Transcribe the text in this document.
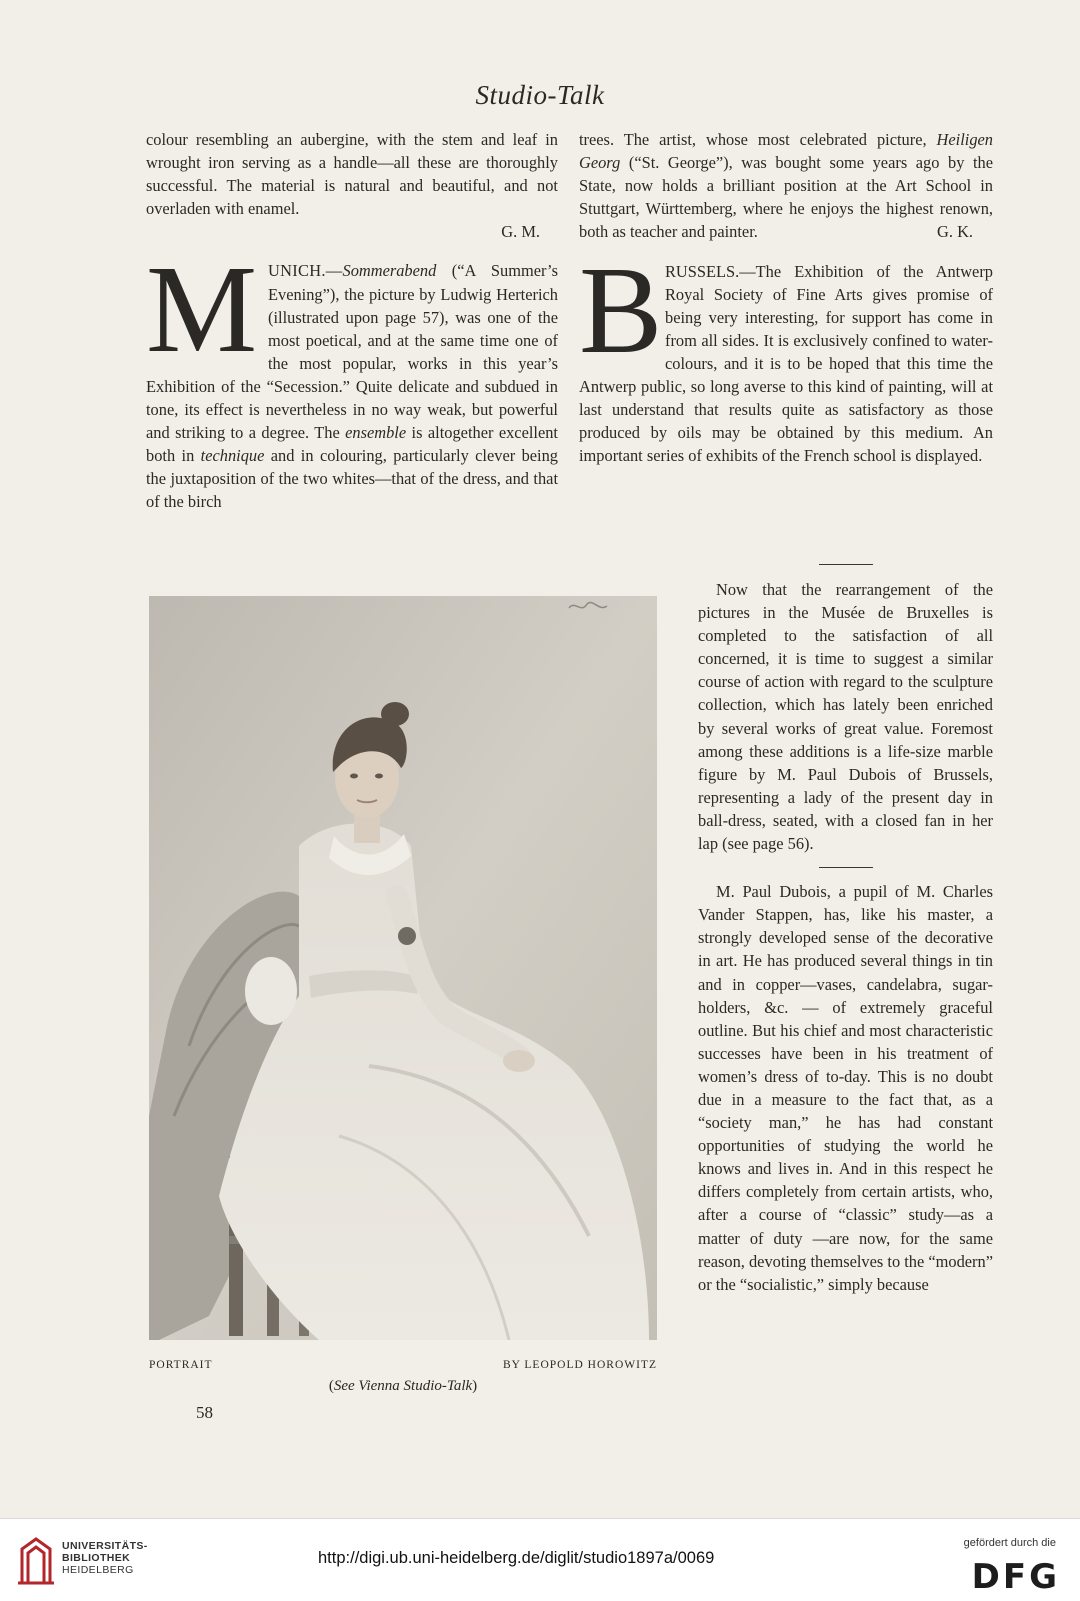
Studio-Talk

colour resembling an aubergine, with the stem and leaf in wrought iron serving as a handle—all these are thoroughly successful. The material is natural and beautiful, and not overladen with enamel.

G. M.

M UNICH.—Sommerabend (“A Summer’s Evening”), the picture by Ludwig Herterich (illustrated upon page 57), was one of the most poetical, and at the same time one of the most popular, works in this year’s Exhibition of the “Secession.” Quite delicate and subdued in tone, its effect is nevertheless in no way weak, but powerful and striking to a degree. The ensemble is altogether excellent both in technique and in colouring, particularly clever being the juxtaposition of the two whites—that of the dress, and that of the birch

trees. The artist, whose most celebrated picture, Heiligen Georg (“St. George”), was bought some years ago by the State, now holds a brilliant position at the Art School in Stuttgart, Württemberg, where he enjoys the highest renown, both as teacher and painter.	G. K.

B RUSSELS.—The Exhibition of the Antwerp Royal Society of Fine Arts gives promise of being very interesting, for support has come in from all sides. It is exclusively confined to water-colours, and it is to be hoped that this time the Antwerp public, so long averse to this kind of painting, will at last understand that results quite as satisfactory as those produced by oils may be obtained by this medium. An important series of exhibits of the French school is displayed.

Now that the rearrangement of the pictures in the Musée de Bruxelles is completed to the satisfaction of all concerned, it is time to suggest a similar course of action with regard to the sculpture collection, which has lately been enriched by several works of great value. Foremost among these additions is a life-size marble figure by M. Paul Dubois of Brussels, representing a lady of the present day in ball-dress, seated, with a closed fan in her lap (see page 56).

M. Paul Dubois, a pupil of M. Charles Vander Stappen, has, like his master, a strongly developed sense of the decorative in art. He has produced several things in tin and in copper—vases, candelabra, sugar-holders, &c. — of extremely graceful outline. But his chief and most characteristic successes have been in his treatment of women’s dress of to-day. This is no doubt due in a measure to the fact that, as a “society man,” he has had constant opportunities of studying the world he knows and lives in. And in this respect he differs completely from certain artists, who, after a course of “classic” study—as a matter of duty —are now, for the same reason, devoting themselves to the “modern” or the “socialistic,” simply because

PORTRAIT	BY LEOPOLD HOROWITZ
(See Vienna Studio-Talk)
58
UNIVERSITÄTS-
BIBLIOTHEK
HEIDELBERG
http://digi.ub.uni-heidelberg.de/diglit/studio1897a/0069
gefördert durch die
DFG
